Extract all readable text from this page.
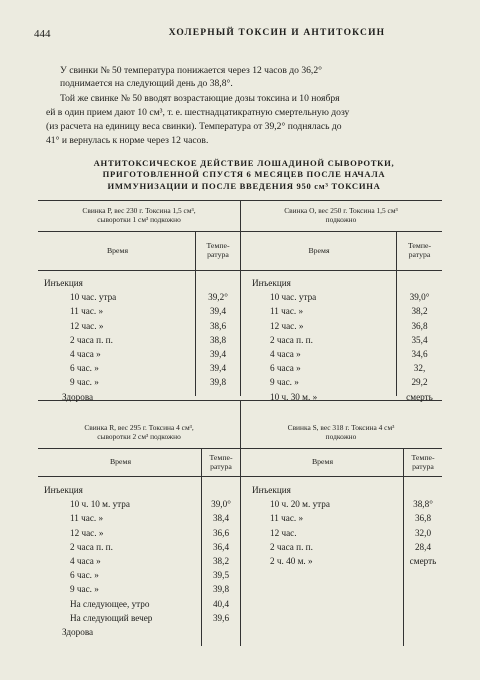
444	ХОЛЕРНЫЙ ТОКСИН И АНТИТОКСИН
У свинки № 50 температура понижается через 12 часов до 36,2°
поднимается на следующий день до 38,8°.
Той же свинке № 50 вводят возрастающие дозы токсина и 10 ноября
ей в один прием дают 10 см³, т. е. шестнадцатикратную смертельную дозу
(из расчета на единицу веса свинки). Температура от 39,2° поднялась до
41° и вернулась к норме через 12 часов.
АНТИТОКСИЧЕСКОЕ ДЕЙСТВИЕ ЛОШАДИНОЙ СЫВОРОТКИ,
ПРИГОТОВЛЕННОЙ СПУСТЯ 6 МЕСЯЦЕВ ПОСЛЕ НАЧАЛА
ИММУНИЗАЦИИ И ПОСЛЕ ВВЕДЕНИЯ 950 см³ ТОКСИНА
Свинка Р, вес 230 г. Токсина 1,5 см³,
сыворотки 1 см³ подкожно
Свинка О, вес 250 г. Токсина 1,5 см³
подкожно
Время
Темпе-
ратура	Время
Темпе-
ратура
Свинка R, вес 295 г. Токсина 4 см³,
сыворотки 2 см³ подкожно
Свинка S, вес 318 г. Токсина 4 см³
подкожно
Время	Темпе-
ратура
Время	Темпе-
ратура
Инъекция
10 час. утра	39,2°
11 час. »	39,4
12 час. »	38,6
2 часа п. п.	38,8
4 часа »	39,4
6 час. »	39,4
9 час. »	39,8
Здорова
Инъекция
10 час. утра	39,0°
11 час. »	38,2
12 час. »	36,8
2 часа п. п.	35,4
4 часа »	34,6
6 часа »	32,
9 час. »	29,2
10 ч. 30 м. »	смерть
Инъекция
10 ч. 10 м. утра	39,0°
11 час. »	38,4
12 час. »	36,6
2 часа п. п.	36,4
4 часа »	38,2
6 час. »	39,5
9 час. »	39,8
На следующее, утро	40,4
На следующий вечер	39,6
Здорова
Инъекция
10 ч. 20 м. утра	38,8°
11 час. »	36,8
12 час.	32,0
2 часа п. п.	28,4
2 ч. 40 м. »	смерть
